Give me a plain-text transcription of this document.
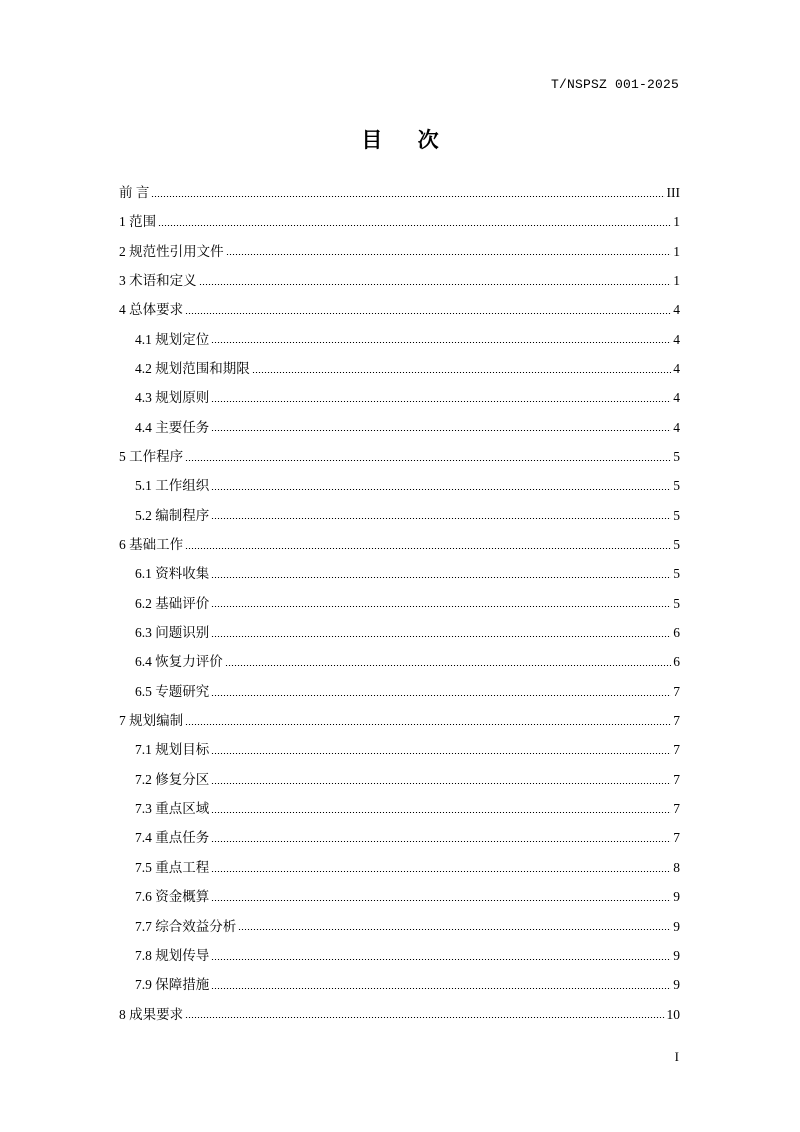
T/NSPSZ 001-2025
目 次
前 言	III
1 范围	1
2 规范性引用文件	1
3 术语和定义	1
4 总体要求	4
4.1 规划定位	4
4.2 规划范围和期限	4
4.3 规划原则	4
4.4 主要任务	4
5 工作程序	5
5.1 工作组织	5
5.2 编制程序	5
6 基础工作	5
6.1 资料收集	5
6.2 基础评价	5
6.3 问题识别	6
6.4 恢复力评价	6
6.5 专题研究	7
7 规划编制	7
7.1 规划目标	7
7.2 修复分区	7
7.3 重点区域	7
7.4 重点任务	7
7.5 重点工程	8
7.6 资金概算	9
7.7 综合效益分析	9
7.8 规划传导	9
7.9 保障措施	9
8 成果要求	10
I
